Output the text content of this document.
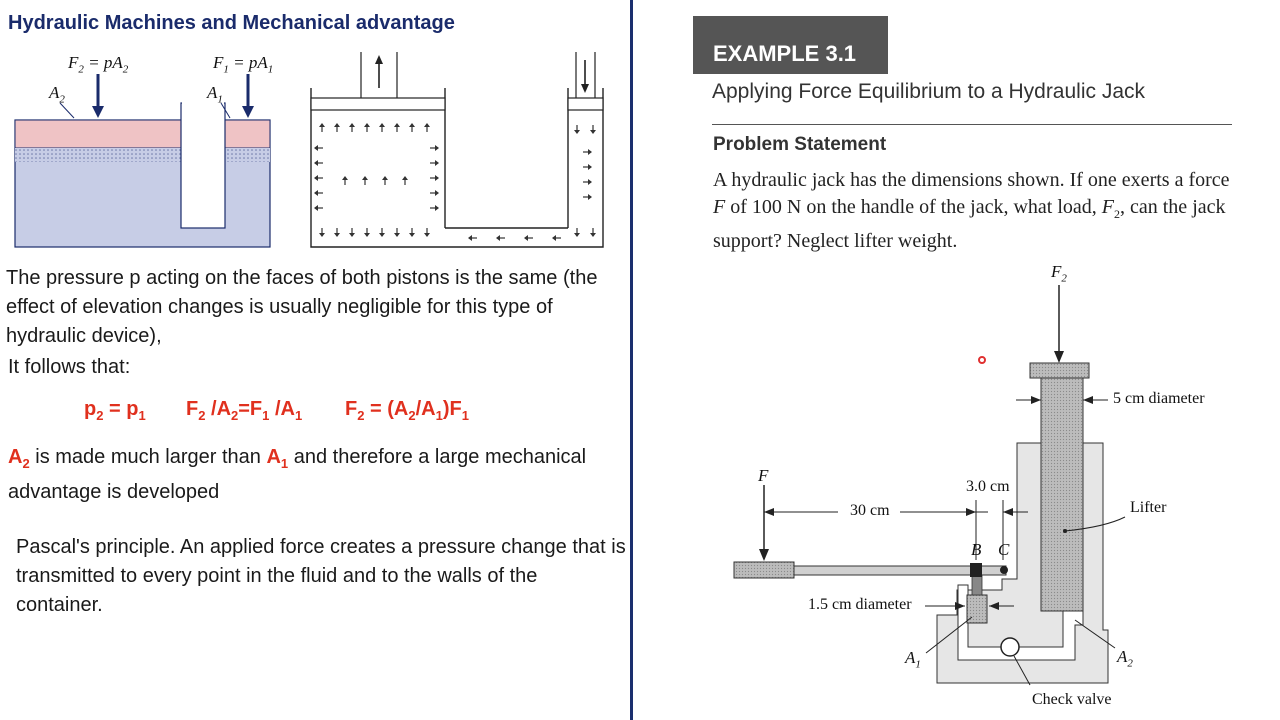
Hydraulic Machines and Mechanical advantage
$F_2 = pA_2$	$F_1 = pA_1$
$A_2$	$A_1$
The pressure p acting on the faces of both pistons is the same (the effect of elevation changes is usually negligible for this type of hydraulic device),
It follows that:
$p_2 = p_1$ $F_2$ $/A_2=F_1$ $/A_1$ $F_2 = (A_2/A_1)F_1$
$A_2$ is made much larger than $A_1$ and therefore a large mechanical advantage is developed
Pascal's principle. An applied force creates a pressure change that is transmitted to every point in the fluid and to the walls of the container.
EXAMPLE 3.1
Applying Force Equilibrium to a Hydraulic Jack
Problem Statement
A hydraulic jack has the dimensions shown. If one exerts a force F of 100 N on the handle of the jack, what load, $F_2$, can the jack support? Neglect lifter weight.
$F_2$
5 cm diameter
F
30 cm
3.0 cm
B C
Lifter
1.5 cm diameter
$A_1$	$A_2$
Check valve
